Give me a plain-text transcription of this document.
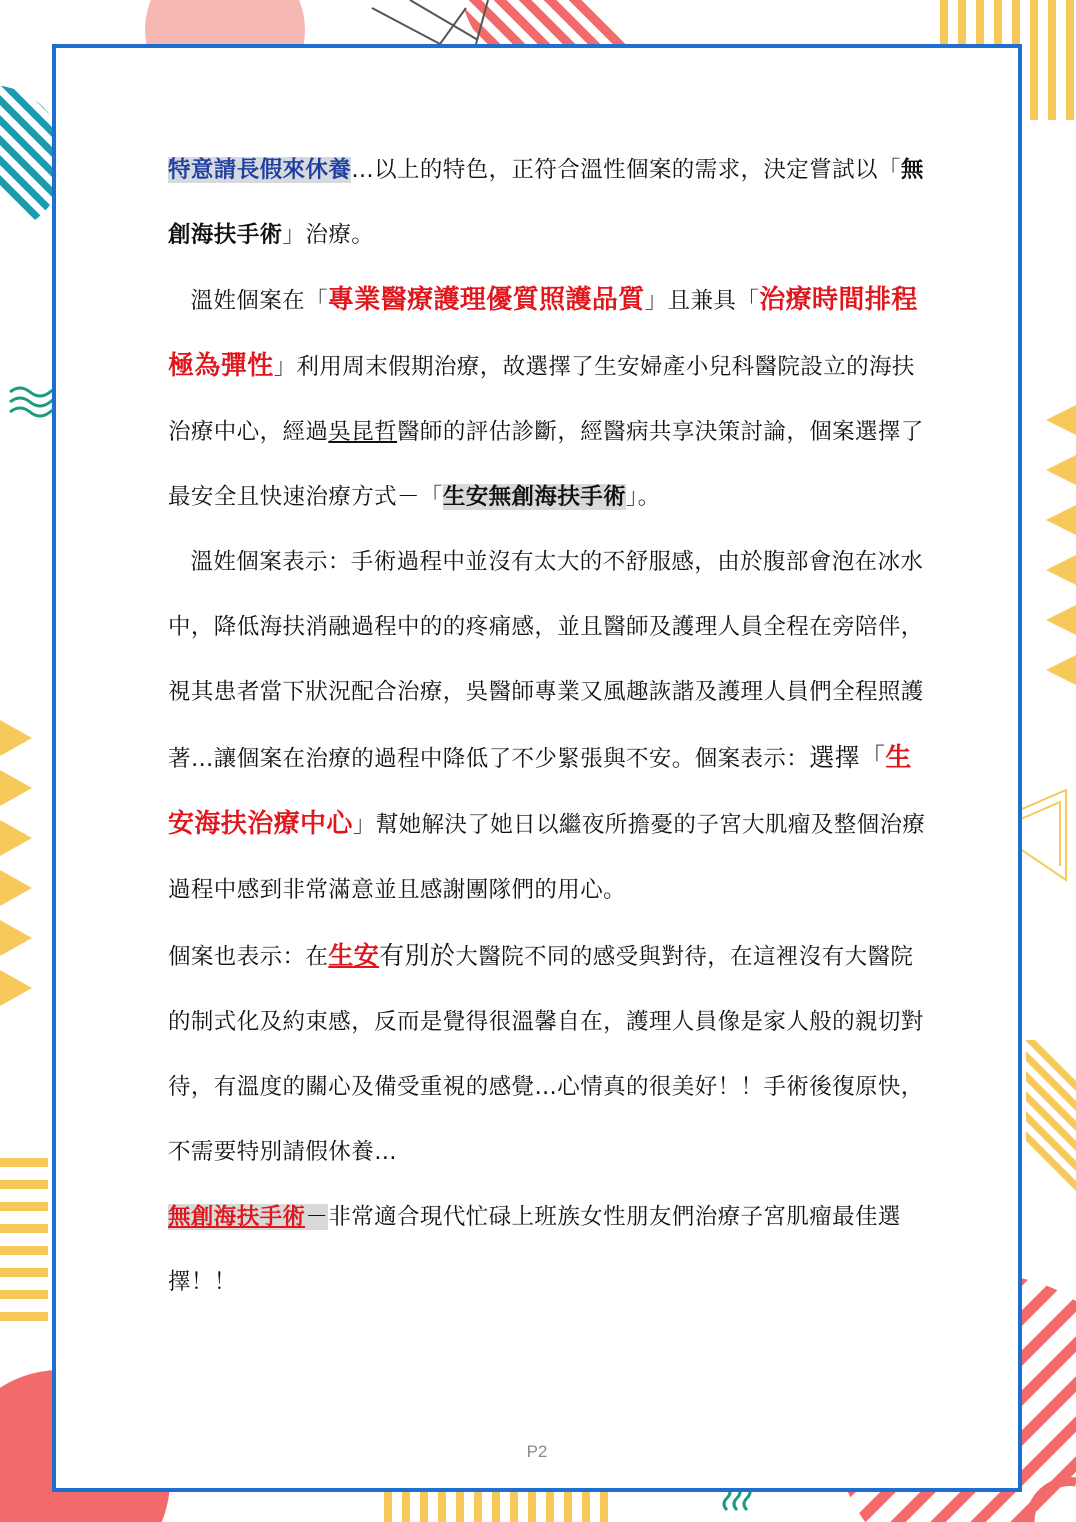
特意請長假來休養…以上的特色，正符合溫性個案的需求，決定嘗試以「無創海扶手術」治療。

溫姓個案在「專業醫療護理優質照護品質」且兼具「治療時間排程極為彈性」利用周末假期治療，故選擇了生安婦產小兒科醫院設立的海扶治療中心，經過吳昆哲醫師的評估診斷，經醫病共享決策討論，個案選擇了最安全且快速治療方式－「生安無創海扶手術」。

溫姓個案表示：手術過程中並沒有太大的不舒服感，由於腹部會泡在冰水中，降低海扶消融過程中的的疼痛感，並且醫師及護理人員全程在旁陪伴，視其患者當下狀況配合治療，吳醫師專業又風趣詼諧及護理人員們全程照護著…讓個案在治療的過程中降低了不少緊張與不安。個案表示：選擇「生安海扶治療中心」幫她解決了她日以繼夜所擔憂的子宮大肌瘤及整個治療過程中感到非常滿意並且感謝團隊們的用心。

個案也表示：在生安有別於大醫院不同的感受與對待，在這裡沒有大醫院的制式化及約束感，反而是覺得很溫馨自在，護理人員像是家人般的親切對待，有溫度的關心及備受重視的感覺…心情真的很美好！！手術後復原快，不需要特別請假休養…

無創海扶手術－非常適合現代忙碌上班族女性朋友們治療子宮肌瘤最佳選擇！！

P2
